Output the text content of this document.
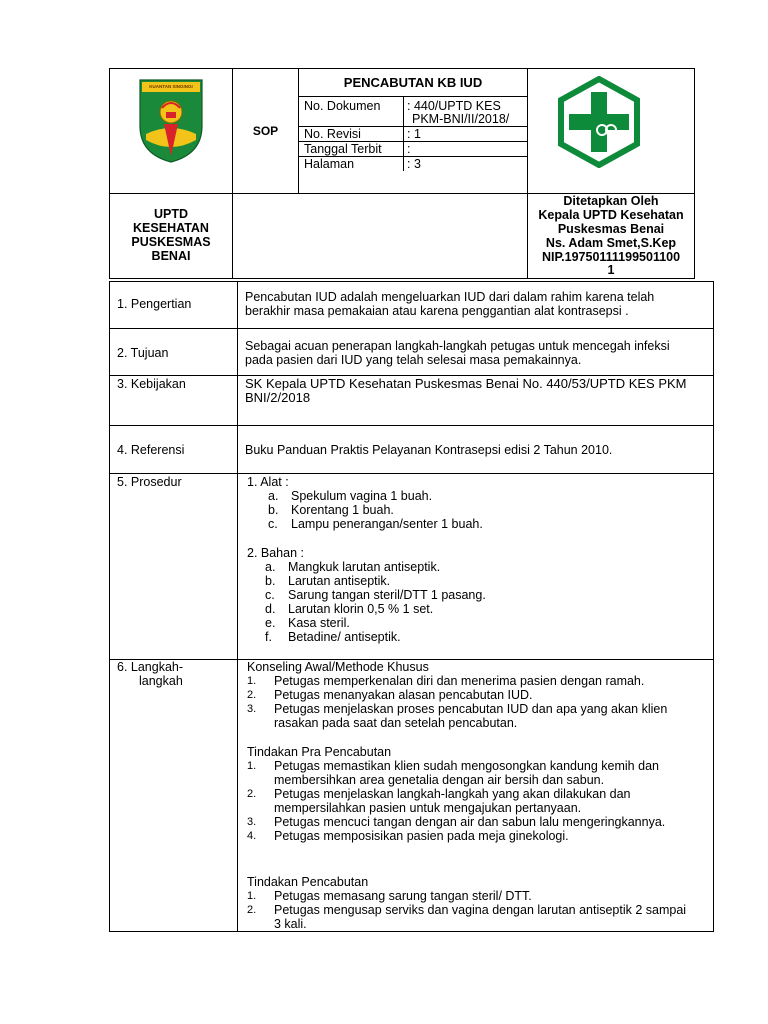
KUANTAN SINGINGI
SOP
PENCABUTAN KB IUD
No. Dokumen : 440/UPTD KES
PKM-BNI/II/2018/
No. Revisi	: 1
Tanggal Terbit :
Halaman	: 3
UPTD
KESEHATAN
PUSKESMAS
BENAI
Ditetapkan Oleh
Kepala UPTD Kesehatan
Puskesmas Benai
Ns. Adam Smet,S.Kep
NIP.19750111199501100
1
1. Pengertian	Pencabutan IUD adalah mengeluarkan IUD dari dalam rahim karena telah
berakhir masa pemakaian atau karena penggantian alat kontrasepsi .
2. Tujuan	Sebagai acuan penerapan langkah-langkah petugas untuk mencegah infeksi
pada pasien dari IUD yang telah selesai masa pemakainnya.
3. Kebijakan	SK Kepala UPTD Kesehatan Puskesmas Benai No. 440/53/UPTD KES PKM
BNI/2/2018
4. Referensi	Buku Panduan Praktis Pelayanan Kontrasepsi edisi 2 Tahun 2010.
5. Prosedur	1. Alat :
a. Spekulum vagina 1 buah.
b. Korentang 1 buah.
c. Lampu penerangan/senter 1 buah.
2. Bahan :
a. Mangkuk larutan antiseptik.
b. Larutan antiseptik.
c. Sarung tangan steril/DTT 1 pasang.
d. Larutan klorin 0,5 % 1 set.
e. Kasa steril.
f. Betadine/ antiseptik.
6. Langkah-
langkah
Konseling Awal/Methode Khusus
1. Petugas memperkenalan diri dan menerima pasien dengan ramah.
2. Petugas menanyakan alasan pencabutan IUD.
3. Petugas menjelaskan proses pencabutan IUD dan apa yang akan klien
rasakan pada saat dan setelah pencabutan.
Tindakan Pra Pencabutan
1. Petugas memastikan klien sudah mengosongkan kandung kemih dan
membersihkan area genetalia dengan air bersih dan sabun.
2. Petugas menjelaskan langkah-langkah yang akan dilakukan dan
mempersilahkan pasien untuk mengajukan pertanyaan.
3. Petugas mencuci tangan dengan air dan sabun lalu mengeringkannya.
4. Petugas memposisikan pasien pada meja ginekologi.
Tindakan Pencabutan
1. Petugas memasang sarung tangan steril/ DTT.
2. Petugas mengusap serviks dan vagina dengan larutan antiseptik 2 sampai
3 kali.
